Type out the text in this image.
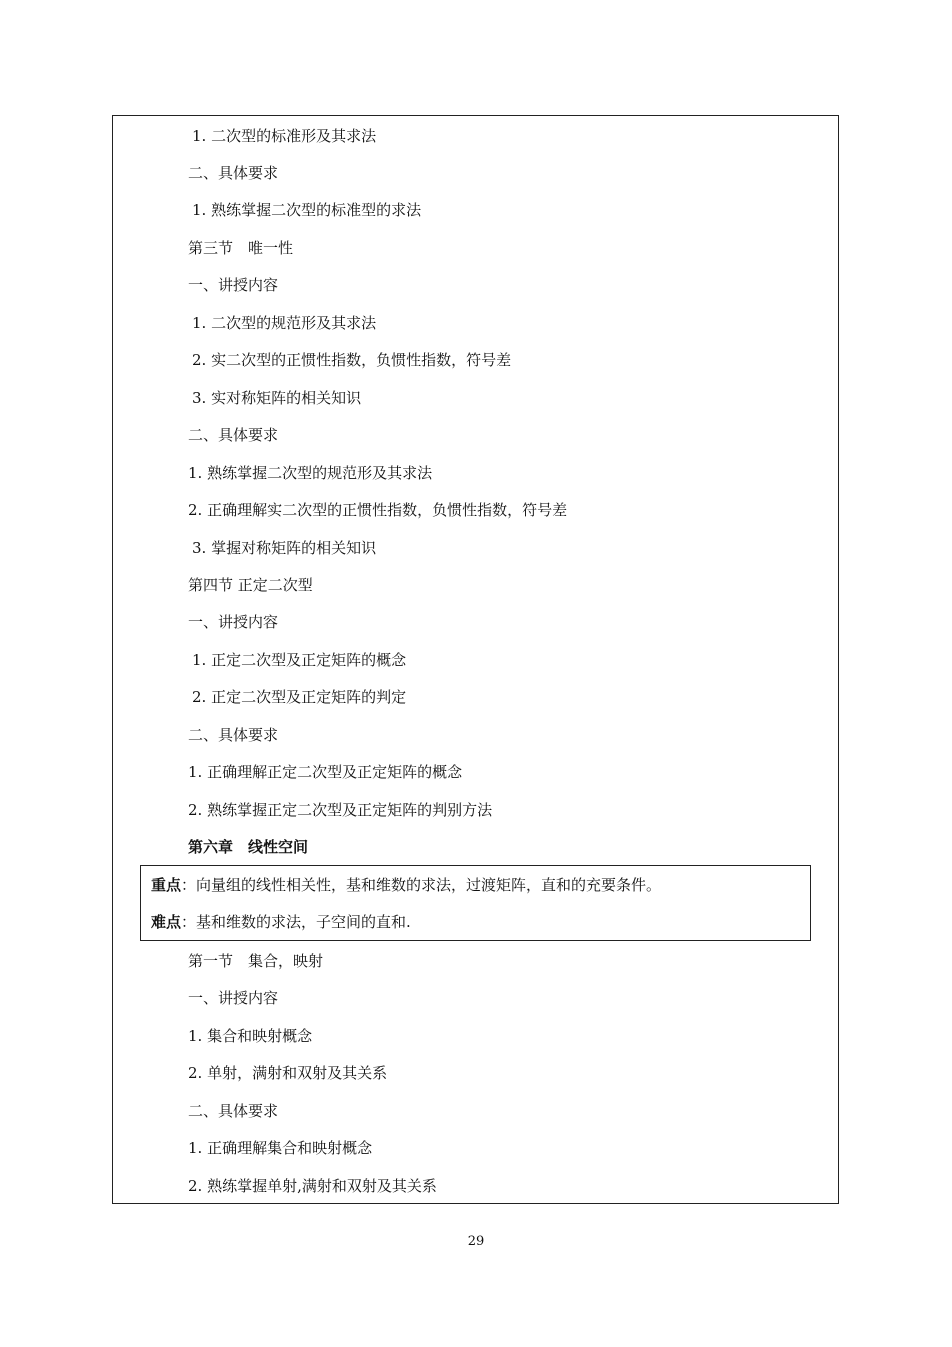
1. 二次型的标准形及其求法
二、具体要求
1. 熟练掌握二次型的标准型的求法
第三节　唯一性
一、讲授内容
1. 二次型的规范形及其求法
2. 实二次型的正惯性指数，负惯性指数，符号差
3. 实对称矩阵的相关知识
二、具体要求
1. 熟练掌握二次型的规范形及其求法
2. 正确理解实二次型的正惯性指数，负惯性指数，符号差
3. 掌握对称矩阵的相关知识
第四节 正定二次型
一、讲授内容
1. 正定二次型及正定矩阵的概念
2. 正定二次型及正定矩阵的判定
二、具体要求
1. 正确理解正定二次型及正定矩阵的概念
2. 熟练掌握正定二次型及正定矩阵的判别方法
第六章　线性空间
重点：向量组的线性相关性，基和维数的求法，过渡矩阵，直和的充要条件。
难点：基和维数的求法，子空间的直和.
第一节　集合，映射
一、讲授内容
1. 集合和映射概念
2. 单射，满射和双射及其关系
二、具体要求
1. 正确理解集合和映射概念
2. 熟练掌握单射,满射和双射及其关系
29
